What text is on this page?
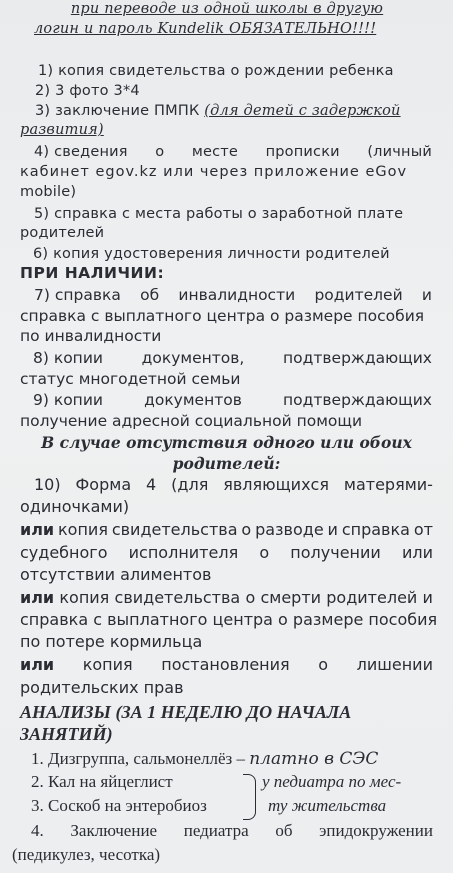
при переводе из одной школы в другую
логин и пароль Kundelik ОБЯЗАТЕЛЬНО!!!!
1) копия свидетельства о рождении ребенка
2) 3 фото 3*4
3) заключение ПМПК (для детей с задержкой
развития)
4) сведения о месте прописки (личный
кабинет egov.kz или через приложение eGov
mobile)
5) справка с места работы о заработной плате
родителей
6) копия удостоверения личности родителей
ПРИ НАЛИЧИИ:
7) справка об инвалидности родителей и
справка с выплатного центра о размере пособия
по инвалидности
8) копии документов, подтверждающих
статус многодетной семьи
9) копии	документов	подтверждающих
получение адресной социальной помощи
В случае отсутствия одного или обоих
родителей:
10) Форма 4 (для являющихся матерями-
одиночками)
или копия свидетельства о разводе и справка от
судебного исполнителя о получении или
отсутствии алиментов
или копия свидетельства о смерти родителей и
справка с выплатного центра о размере пособия
по потере кормильца
или копия постановления о лишении
родительских прав
АНАЛИЗЫ (ЗА 1 НЕДЕЛЮ ДО НАЧАЛА
ЗАНЯТИЙ)
1. Дизгруппа, сальмонеллёз – платно в СЭС
2. Кал на яйцеглист
3. Соскоб на энтеробиоз
у педиатра по мес-
ту жительства
4. Заключение педиатра об эпидокружении
(педикулез, чесотка)
